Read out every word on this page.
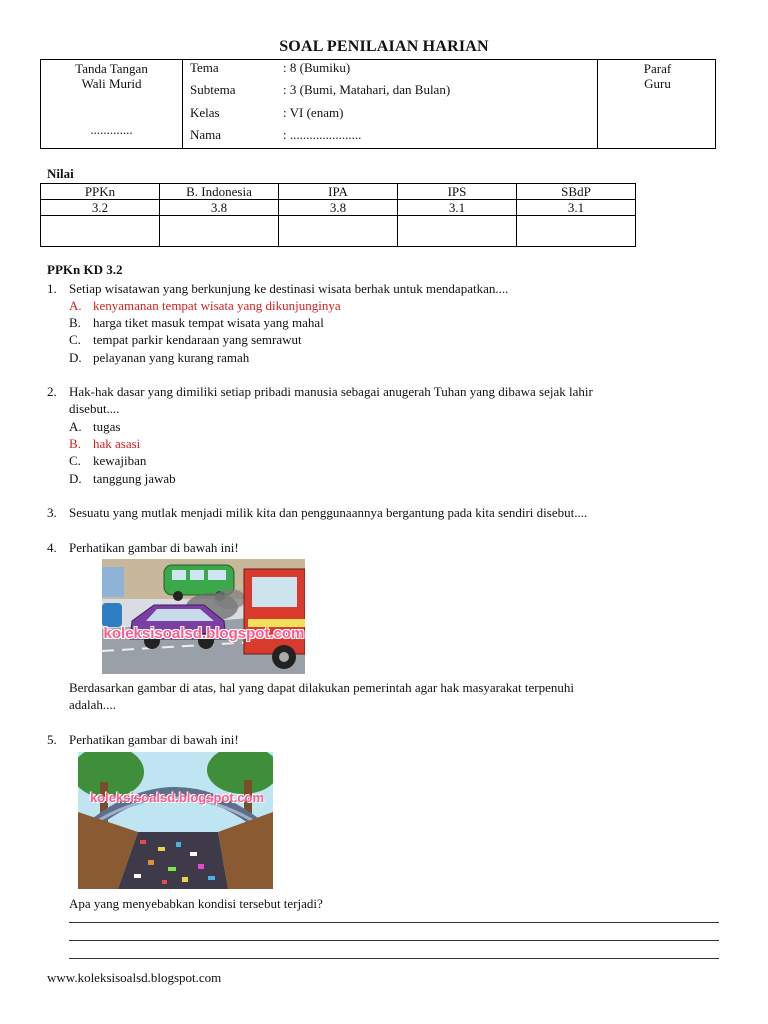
SOAL PENILAIAN HARIAN
Tanda Tangan
Wali Murid
.............
Tema	: 8 (Bumiku)
Subtema	: 3 (Bumi, Matahari, dan Bulan)
Kelas	: VI (enam)
Nama	: ......................
Paraf
Guru
Nilai
PPKn	B. Indonesia	IPA	IPS	SBdP
3.2	3.8	3.8	3.1	3.1

PPKn KD 3.2
1. Setiap wisatawan yang berkunjung ke destinasi wisata berhak untuk mendapatkan....
A. kenyamanan tempat wisata yang dikunjunginya
B. harga tiket masuk tempat wisata yang mahal
C. tempat parkir kendaraan yang semrawut
D. pelayanan yang kurang ramah
2. Hak-hak dasar yang dimiliki setiap pribadi manusia sebagai anugerah Tuhan yang dibawa sejak lahir
disebut....
A. tugas
B. hak asasi
C. kewajiban
D. tanggung jawab
3. Sesuatu yang mutlak menjadi milik kita dan penggunaannya bergantung pada kita sendiri disebut....
4. Perhatikan gambar di bawah ini!
koleksisoalsd.blogspot.com
Berdasarkan gambar di atas, hal yang dapat dilakukan pemerintah agar hak masyarakat terpenuhi
adalah....
5. Perhatikan gambar di bawah ini!
koleksisoalsd.blogspot.com
Apa yang menyebabkan kondisi tersebut terjadi?
www.koleksisoalsd.blogspot.com
